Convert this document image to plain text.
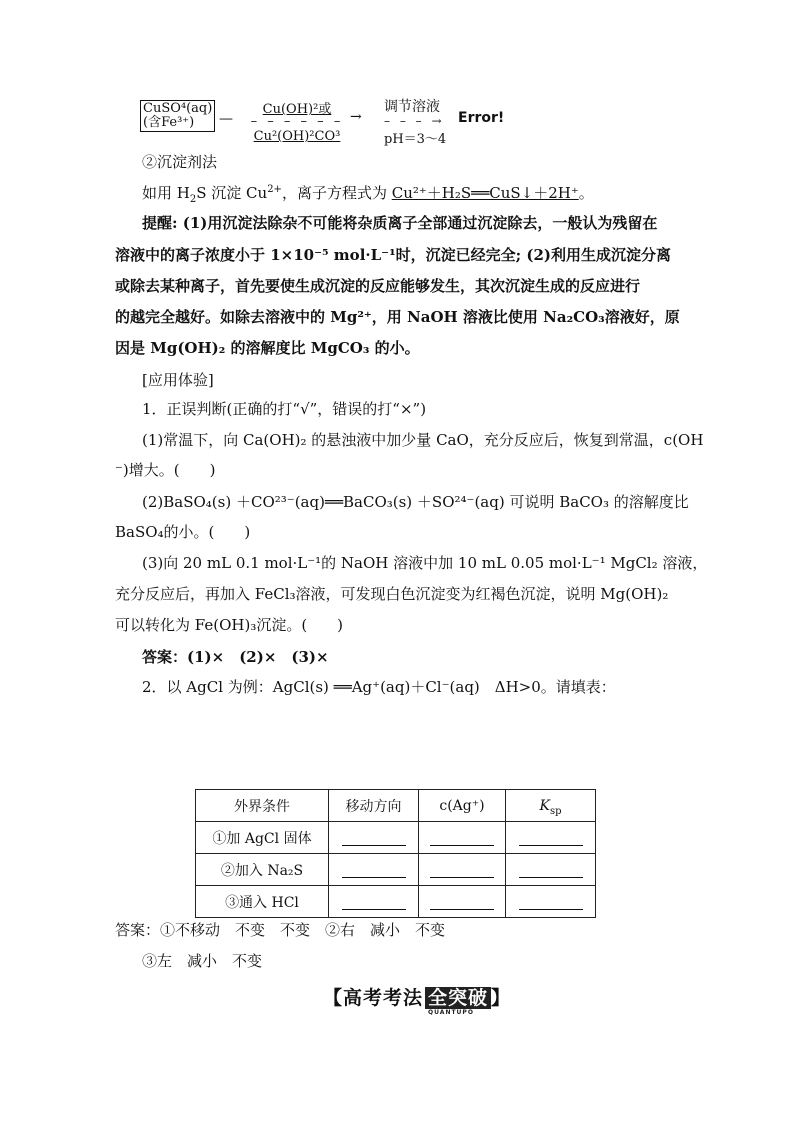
CuSO⁴(aq)
(含Fe³⁺)	—
Cu(OH)²或
– – – – – –
Cu²(OH)²CO³
→
调节溶液
– – – →
pH＝3～4
Error!
②沉淀剂法
如用 $H_2S$ 沉淀 $Cu^{2+}$，离子方程式为 Cu²⁺＋H₂S══CuS↓＋2H⁺。
提醒: (1)用沉淀法除杂不可能将杂质离子全部通过沉淀除去，一般认为残留在
溶液中的离子浓度小于 1×10⁻⁵ mol·L⁻¹时，沉淀已经完全; (2)利用生成沉淀分离
或除去某种离子，首先要使生成沉淀的反应能够发生，其次沉淀生成的反应进行
的越完全越好。如除去溶液中的 Mg²⁺，用 NaOH 溶液比使用 Na₂CO₃溶液好，原
因是 Mg(OH)₂ 的溶解度比 MgCO₃ 的小。
[应用体验]
1．正误判断(正确的打“√”，错误的打“×”)
(1)常温下，向 Ca(OH)₂ 的悬浊液中加少量 CaO，充分反应后，恢复到常温，c(OH
⁻)增大。(　　)
(2)BaSO₄(s) ＋CO²³⁻(aq)══BaCO₃(s) ＋SO²⁴⁻(aq) 可说明 BaCO₃ 的溶解度比
BaSO₄的小。(　　)
(3)向 20 mL 0.1 mol·L⁻¹的 NaOH 溶液中加 10 mL 0.05 mol·L⁻¹ MgCl₂ 溶液，
充分反应后，再加入 FeCl₃溶液，可发现白色沉淀变为红褐色沉淀，说明 Mg(OH)₂
可以转化为 Fe(OH)₃沉淀。(　　)
答案：(1)×　(2)×　(3)×
2．以 AgCl 为例：AgCl(s) ══Ag⁺(aq)＋Cl⁻(aq)　ΔH>0。请填表：
外界条件	移动方向	c(Ag⁺)	$K_{sp}$
①加 AgCl 固体			
②加入 Na₂S			
③通入 HCl			
答案：①不移动　不变　不变　②右　减小　不变
③左　减小　不变
【高考考法 全突破
QUANTUPO
】
